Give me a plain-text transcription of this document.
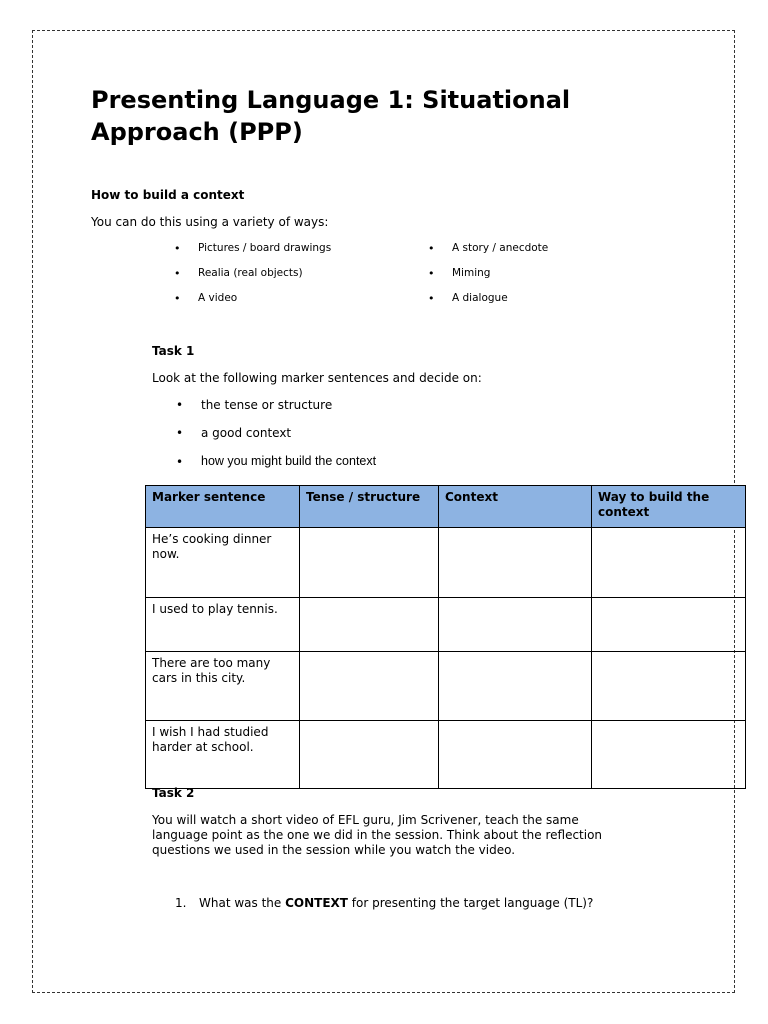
Presenting Language 1: Situational Approach (PPP)
How to build a context
You can do this using a variety of ways:
• Pictures / board drawings
• Realia (real objects)
• A video
• A story / anecdote
• Miming
• A dialogue
Task 1
Look at the following marker sentences and decide on:
• the tense or structure
• a good context
• how you might build the context
Marker sentence	Tense / structure	Context	Way to build the context
He’s cooking dinner now.			
I used to play tennis.			
There are too many cars in this city.			
I wish I had studied harder at school.			
Task 2
You will watch a short video of EFL guru, Jim Scrivener, teach the same
language point as the one we did in the session. Think about the reflection
questions we used in the session while you watch the video.
1. What was the CONTEXT for presenting the target language (TL)?
